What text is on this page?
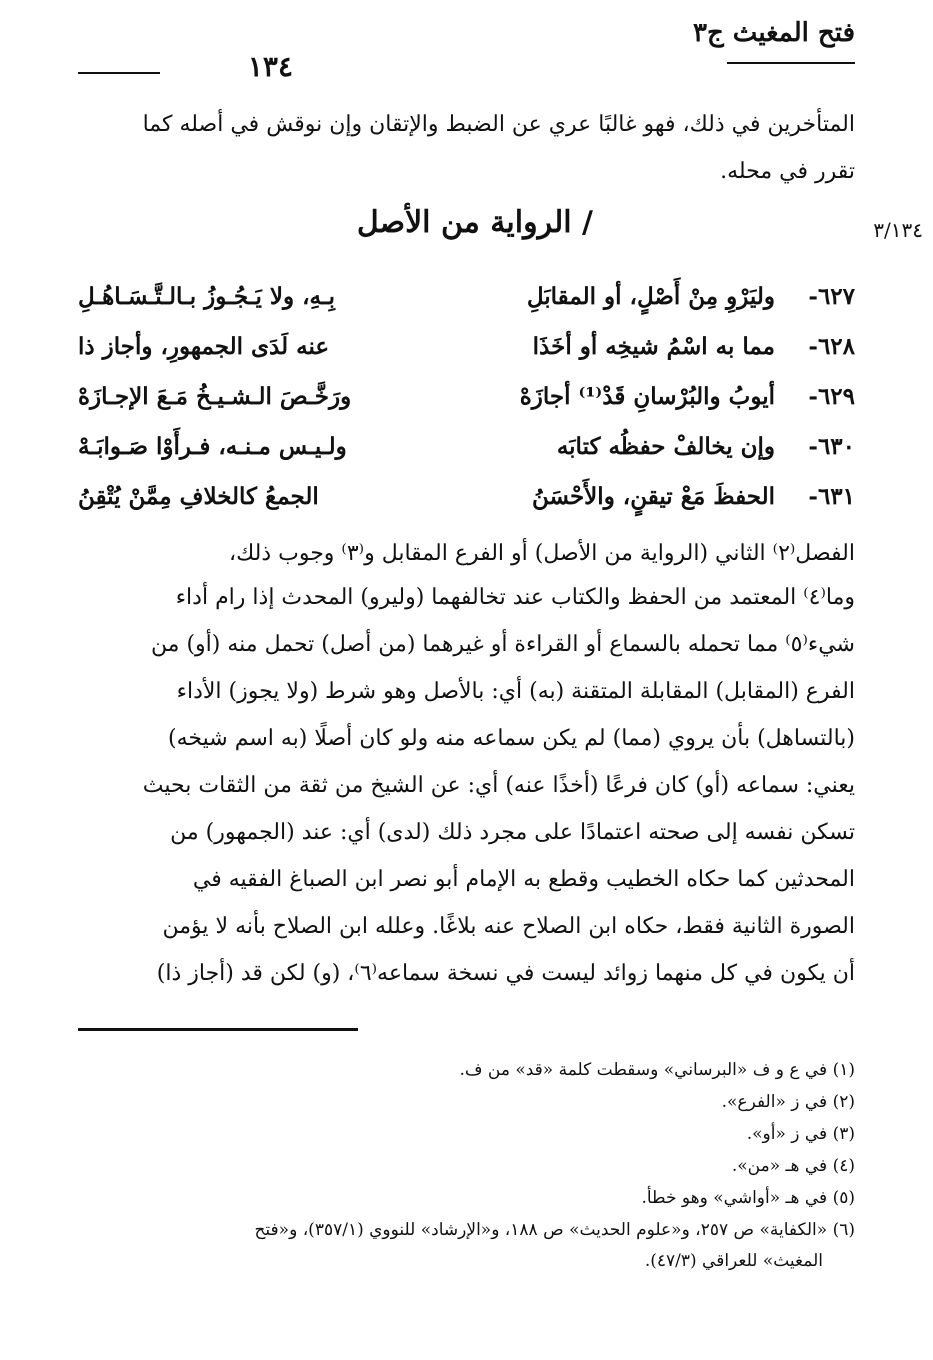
فتح المغيث ج٣
١٣٤
المتأخرين في ذلك، فهو غالبًا عري عن الضبط والإتقان وإن نوقش في أصله كما
تقرر في محله.
٣/١٣٤
/ الرواية من الأصل
٦٢٧-
وليَرْوِ مِنْ أَصْلٍ، أو المقابَلِ
بِـهِ، ولا يَـجُـوزُ بـالـتَّـسَـاهُـلِ
٦٢٨-
مما به اسْمُ شيخِه أو أخَذَا
عنه لَدَى الجمهورِ، وأجاز ذا
٦٢٩-
أيوبُ والبُرْسانِ قَدْ⁽¹⁾ أجازَهْ
ورَخَّـصَ الـشـيـخُ مَـعَ الإجـازَهْ
٦٣٠-
وإن يخالفْ حفظُه كتابَه
ولـيـس مـنـه، فـرأَوْا صَـوابَـهْ
٦٣١-
الحفظَ مَعْ تيقنٍ، والأَحْسَنُ
الجمعُ كالخلافِ مِمَّنْ يُتْقِنُ
الفصل⁽٢⁾ الثاني (الرواية من الأصل) أو الفرع المقابل و⁽٣⁾ وجوب ذلك،
وما⁽٤⁾ المعتمد من الحفظ والكتاب عند تخالفهما (وليرو) المحدث إذا رام أداء
شيء⁽٥⁾ مما تحمله بالسماع أو القراءة أو غيرهما (من أصل) تحمل منه (أو) من
الفرع (المقابل) المقابلة المتقنة (به) أي: بالأصل وهو شرط (ولا يجوز) الأداء
(بالتساهل) بأن يروي (مما) لم يكن سماعه منه ولو كان أصلًا (به اسم شيخه)
يعني: سماعه (أو) كان فرعًا (أخذًا عنه) أي: عن الشيخ من ثقة من الثقات بحيث
تسكن نفسه إلى صحته اعتمادًا على مجرد ذلك (لدى) أي: عند (الجمهور) من
المحدثين كما حكاه الخطيب وقطع به الإمام أبو نصر ابن الصباغ الفقيه في
الصورة الثانية فقط، حكاه ابن الصلاح عنه بلاغًا. وعلله ابن الصلاح بأنه لا يؤمن
أن يكون في كل منهما زوائد ليست في نسخة سماعه⁽٦⁾، (و) لكن قد (أجاز ذا)
(١) في ع و ف «البرساني» وسقطت كلمة «قد» من ف.
(٢) في ز «الفرع».
(٣) في ز «أو».
(٤) في هـ «من».
(٥) في هـ «أواشي» وهو خطأ.
(٦) «الكفاية» ص ٢٥٧، و«علوم الحديث» ص ١٨٨، و«الإرشاد» للنووي (٣٥٧/١)، و«فتح
المغيث» للعراقي (٤٧/٣).
